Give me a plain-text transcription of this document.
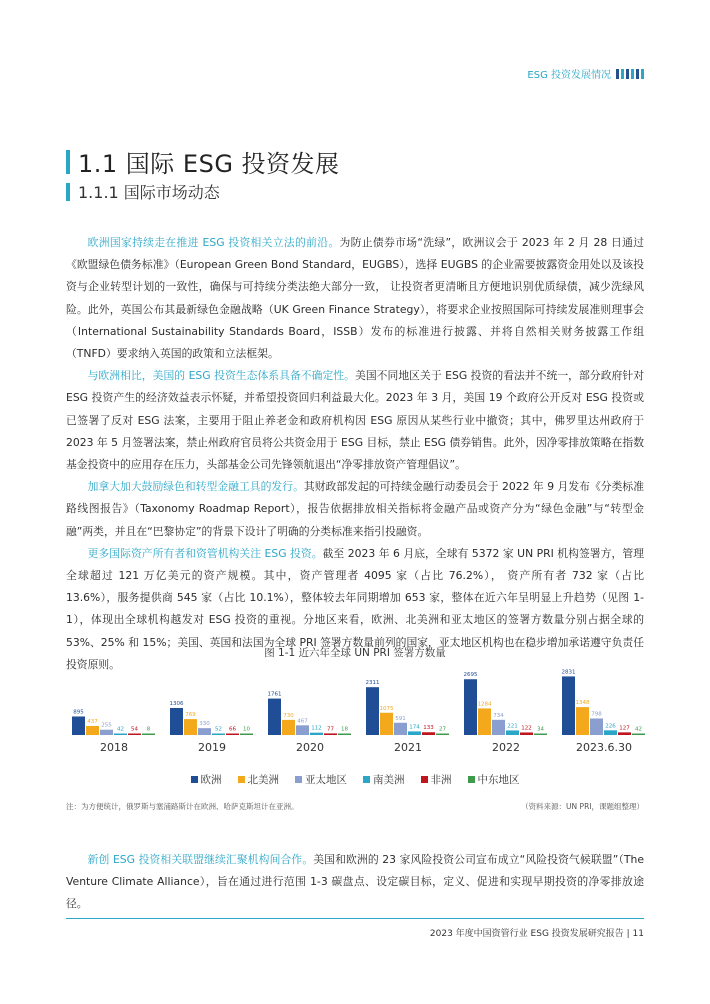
ESG 投资发展情况
1.1 国际 ESG 投资发展
1.1.1 国际市场动态

欧洲国家持续走在推进 ESG 投资相关立法的前沿。为防止债券市场“洗绿”，欧洲议会于 2023 年 2 月 28 日通过《欧盟绿色债务标准》（European Green Bond Standard，EUGBS），选择 EUGBS 的企业需要披露资金用处以及该投资与企业转型计划的一致性，确保与可持续分类法绝大部分一致， 让投资者更清晰且方便地识别优质绿债，减少洗绿风险。此外，英国公布其最新绿色金融战略（UK Green Finance Strategy），将要求企业按照国际可持续发展准则理事会（International Sustainability Standards Board，ISSB）发布的标准进行披露、并将自然相关财务披露工作组（TNFD）要求纳入英国的政策和立法框架。

与欧洲相比，美国的 ESG 投资生态体系具备不确定性。美国不同地区关于 ESG 投资的看法并不统一，部分政府针对 ESG 投资产生的经济效益表示怀疑，并希望投资回归利益最大化。2023 年 3 月，美国 19 个政府公开反对 ESG 投资或已签署了反对 ESG 法案，主要用于阻止养老金和政府机构因 ESG 原因从某些行业中撤资；其中，佛罗里达州政府于 2023 年 5 月签署法案，禁止州政府官员将公共资金用于 ESG 目标，禁止 ESG 债券销售。此外，因净零排放策略在指数基金投资中的应用存在压力，头部基金公司先锋领航退出“净零排放资产管理倡议”。

加拿大加大鼓励绿色和转型金融工具的发行。其财政部发起的可持续金融行动委员会于 2022 年 9 月发布《分类标准路线图报告》（Taxonomy Roadmap Report），报告依据排放相关指标将金融产品或资产分为“绿色金融”与“转型金融”两类，并且在“巴黎协定”的背景下设计了明确的分类标准来指引投融资。

更多国际资产所有者和资管机构关注 ESG 投资。截至 2023 年 6 月底，全球有 5372 家 UN PRI 机构签署方，管理全球超过 121 万亿美元的资产规模。其中，资产管理者 4095 家（占比 76.2%）， 资产所有者 732 家（占比 13.6%），服务提供商 545 家（占比 10.1%），整体较去年同期增加 653 家，整体在近六年呈明显上升趋势（见图 1-1），体现出全球机构越发对 ESG 投资的重视。分地区来看，欧洲、北美洲和亚太地区的签署方数量分别占据全球的 53%、25% 和 15%；美国、英国和法国为全球 PRI 签署方数量前列的国家，亚太地区机构也在稳步增加承诺遵守负责任投资原则。

图 1-1 近六年全球 UN PRI 签署方数量
895
437
255
42 54 8
2018
1306
769
330
52 66 10
2019
1761
730
467
112 77 18
2020
2311
1075
591
174 133 27
2021
2695
1284
734
221 122 34
2022
2831
1348
798
226 127 42
2023.6.30
欧洲 北美洲 亚太地区 南美洲 非洲 中东地区
注：为方便统计，俄罗斯与塞浦路斯计在欧洲、哈萨克斯坦计在亚洲。	（资料来源：UN PRI，课题组整理）

新创 ESG 投资相关联盟继续汇聚机构间合作。美国和欧洲的 23 家风险投资公司宣布成立“风险投资气候联盟”（The Venture Climate Alliance），旨在通过进行范围 1-3 碳盘点、设定碳目标，定义、促进和实现早期投资的净零排放途径。

2023 年度中国资管行业 ESG 投资发展研究报告 | 11
